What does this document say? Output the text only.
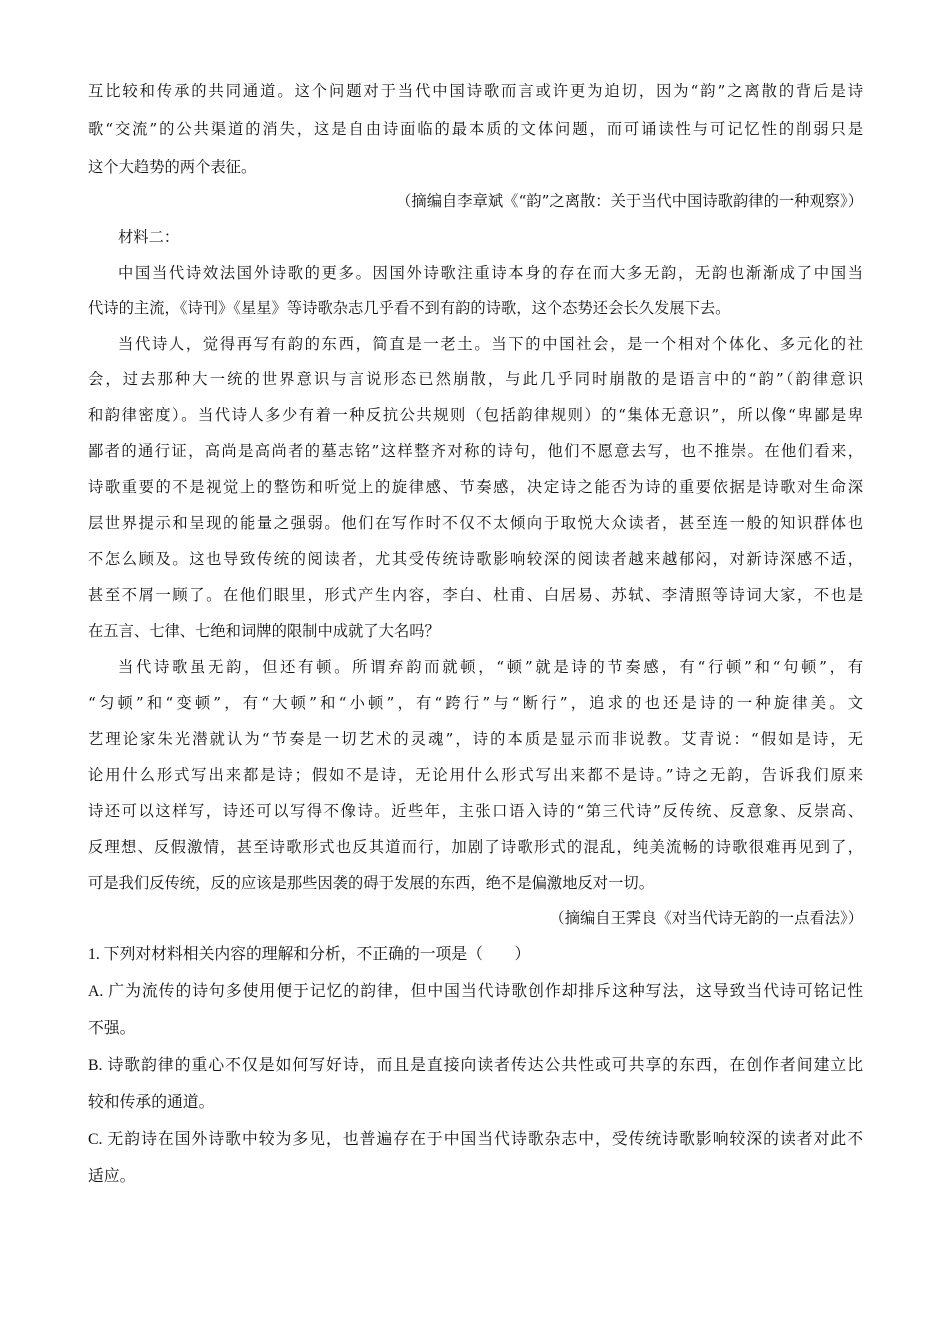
互比较和传承的共同通道。这个问题对于当代中国诗歌而言或许更为迫切，因为“韵”之离散的背后是诗
歌“交流”的公共渠道的消失，这是自由诗面临的最本质的文体问题，而可诵读性与可记忆性的削弱只是
这个大趋势的两个表征。
（摘编自李章斌《“韵”之离散：关于当代中国诗歌韵律的一种观察》）
材料二：
中国当代诗效法国外诗歌的更多。因国外诗歌注重诗本身的存在而大多无韵，无韵也渐渐成了中国当
代诗的主流，《诗刊》《星星》等诗歌杂志几乎看不到有韵的诗歌，这个态势还会长久发展下去。
当代诗人，觉得再写有韵的东西，简直是一老土。当下的中国社会，是一个相对个体化、多元化的社
会，过去那种大一统的世界意识与言说形态已然崩散，与此几乎同时崩散的是语言中的“韵”（韵律意识
和韵律密度）。当代诗人多少有着一种反抗公共规则（包括韵律规则）的“集体无意识”，所以像“卑鄙是卑
鄙者的通行证，高尚是高尚者的墓志铭”这样整齐对称的诗句，他们不愿意去写，也不推崇。在他们看来，
诗歌重要的不是视觉上的整饬和听觉上的旋律感、节奏感，决定诗之能否为诗的重要依据是诗歌对生命深
层世界提示和呈现的能量之强弱。他们在写作时不仅不太倾向于取悦大众读者，甚至连一般的知识群体也
不怎么顾及。这也导致传统的阅读者，尤其受传统诗歌影响较深的阅读者越来越郁闷，对新诗深感不适，
甚至不屑一顾了。在他们眼里，形式产生内容，李白、杜甫、白居易、苏轼、李清照等诗词大家，不也是
在五言、七律、七绝和词牌的限制中成就了大名吗？
当代诗歌虽无韵，但还有顿。所谓弃韵而就顿，“顿”就是诗的节奏感，有“行顿”和“句顿”，有
“匀顿”和“变顿”，有“大顿”和“小顿”，有“跨行”与“断行”，追求的也还是诗的一种旋律美。文
艺理论家朱光潜就认为“节奏是一切艺术的灵魂”，诗的本质是显示而非说教。艾青说：“假如是诗，无
论用什么形式写出来都是诗；假如不是诗，无论用什么形式写出来都不是诗。”诗之无韵，告诉我们原来
诗还可以这样写，诗还可以写得不像诗。近些年，主张口语入诗的“第三代诗”反传统、反意象、反崇高、
反理想、反假激情，甚至诗歌形式也反其道而行，加剧了诗歌形式的混乱，纯美流畅的诗歌很难再见到了，
可是我们反传统，反的应该是那些因袭的碍于发展的东西，绝不是偏激地反对一切。
（摘编自王霁良《对当代诗无韵的一点看法》）
1. 下列对材料相关内容的理解和分析，不正确的一项是（　　）
A. 广为流传的诗句多使用便于记忆的韵律，但中国当代诗歌创作却排斥这种写法，这导致当代诗可铭记性
不强。
B. 诗歌韵律的重心不仅是如何写好诗，而且是直接向读者传达公共性或可共享的东西，在创作者间建立比
较和传承的通道。
C. 无韵诗在国外诗歌中较为多见，也普遍存在于中国当代诗歌杂志中，受传统诗歌影响较深的读者对此不
适应。
